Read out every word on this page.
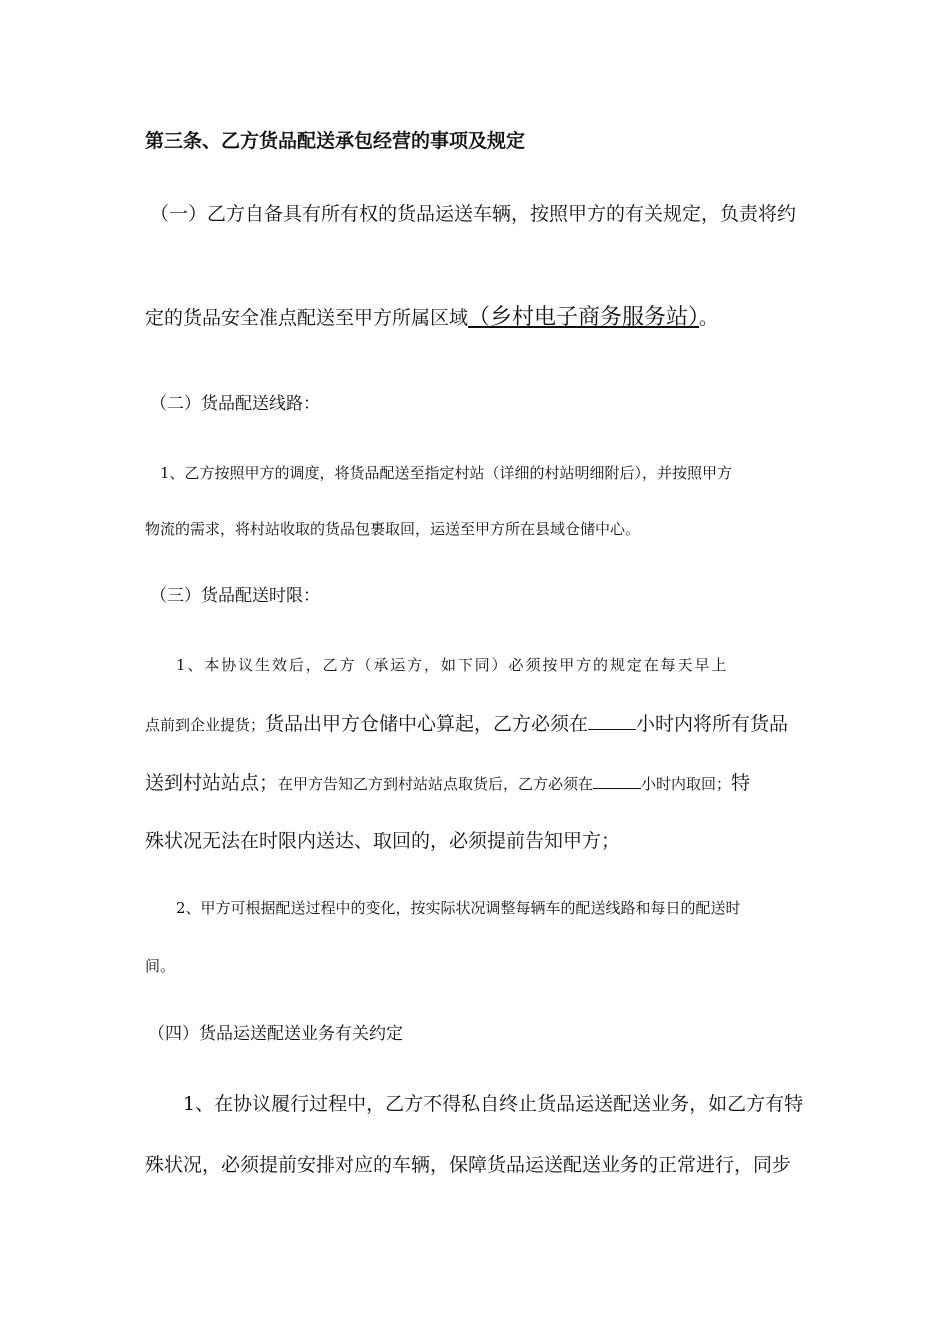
第三条、乙方货品配送承包经营的事项及规定
（一）乙方自备具有所有权的货品运送车辆，按照甲方的有关规定，负责将约
定的货品安全准点配送至甲方所属区域（乡村电子商务服务站）。
（二）货品配送线路：
1、乙方按照甲方的调度，将货品配送至指定村站（详细的村站明细附后），并按照甲方
物流的需求，将村站收取的货品包裹取回，运送至甲方所在县域仓储中心。
（三）货品配送时限：
1、本协议生效后，乙方（承运方，如下同）必须按甲方的规定在每天早上
点前到企业提货；货品出甲方仓储中心算起，乙方必须在	小时内将所有货品
送到村站站点；在甲方告知乙方到村站站点取货后，乙方必须在	小时内取回；特
殊状况无法在时限内送达、取回的，必须提前告知甲方；
2、甲方可根据配送过程中的变化，按实际状况调整每辆车的配送线路和每日的配送时
间。
（四）货品运送配送业务有关约定
1、在协议履行过程中，乙方不得私自终止货品运送配送业务，如乙方有特
殊状况，必须提前安排对应的车辆，保障货品运送配送业务的正常进行，同步
